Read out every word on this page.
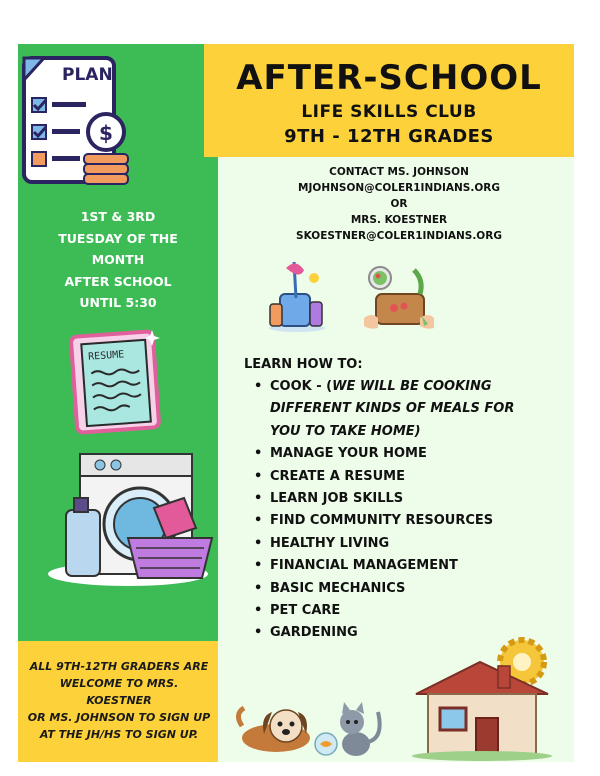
PLAN
$
AFTER-SCHOOL
LIFE SKILLS CLUB
9TH - 12TH GRADES
CONTACT MS. JOHNSON
MJOHNSON@COLER1INDIANS.ORG
OR
MRS. KOESTNER
SKOESTNER@COLER1INDIANS.ORG
1ST & 3RD
TUESDAY OF THE
MONTH
AFTER SCHOOL
UNTIL 5:30
RESUME
ALL 9TH-12TH GRADERS ARE
WELCOME TO MRS. KOESTNER
OR MS. JOHNSON TO SIGN UP
AT THE JH/HS TO SIGN UP.
LEARN HOW TO:
• COOK - (WE WILL BE COOKING
DIFFERENT KINDS OF MEALS FOR
YOU TO TAKE HOME)
• MANAGE YOUR HOME
• CREATE A RESUME
• LEARN JOB SKILLS
• FIND COMMUNITY RESOURCES
• HEALTHY LIVING
• FINANCIAL MANAGEMENT
• BASIC MECHANICS
• PET CARE
• GARDENING
